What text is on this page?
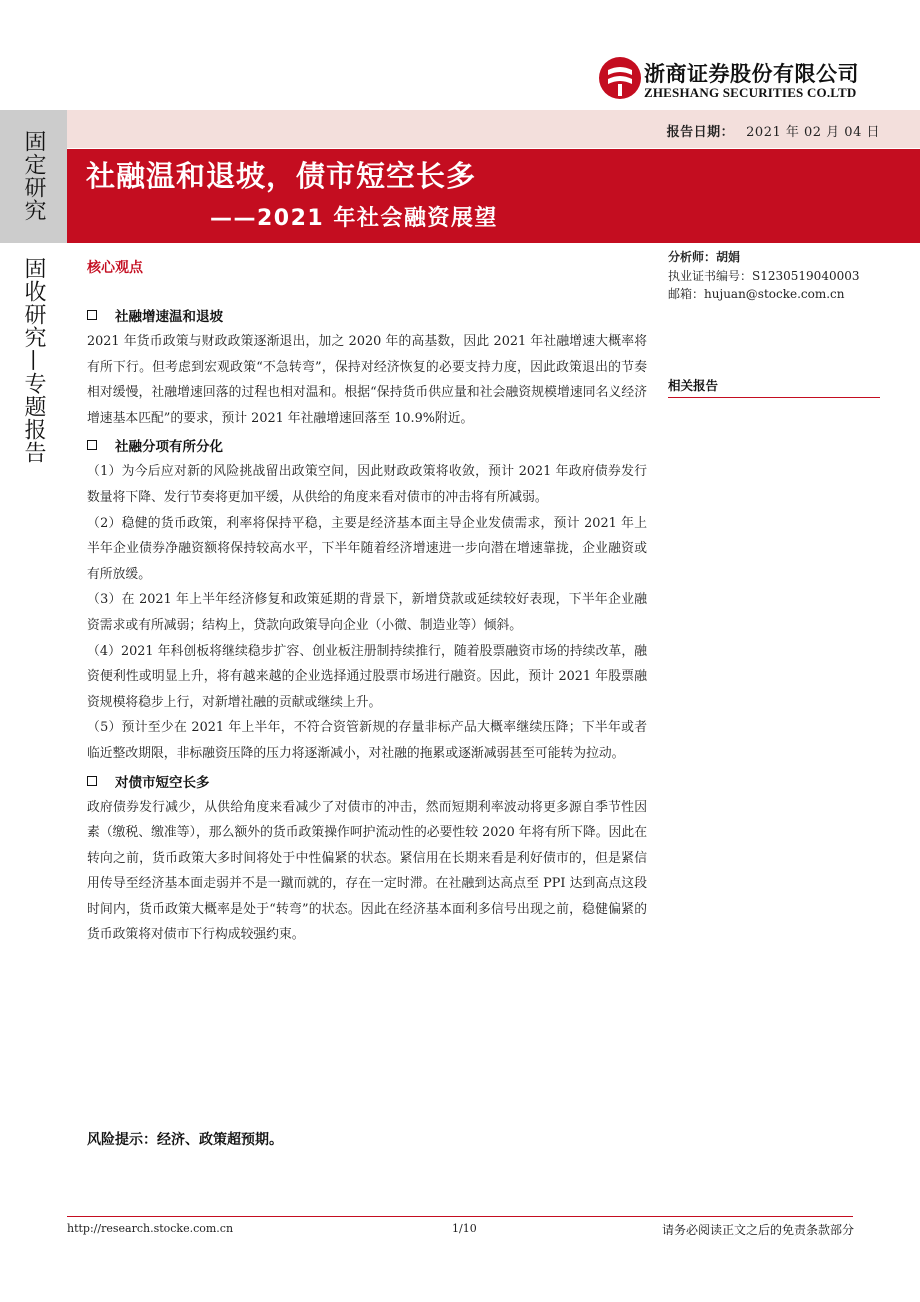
浙商证券股份有限公司
ZHESHANG SECURITIES CO.LTD
报告日期： 2021 年 02 月 04 日
社融温和退坡，债市短空长多
——2021 年社会融资展望
固定研究
固收研究—专题报告	核心观点
社融增速温和退坡

2021 年货币政策与财政政策逐渐退出，加之 2020 年的高基数，因此 2021 年社融增速大概率将有所下行。但考虑到宏观政策“不急转弯”，保持对经济恢复的必要支持力度，因此政策退出的节奏相对缓慢，社融增速回落的过程也相对温和。根据“保持货币供应量和社会融资规模增速同名义经济增速基本匹配”的要求，预计 2021 年社融增速回落至 10.9%附近。

社融分项有所分化

（1）为今后应对新的风险挑战留出政策空间，因此财政政策将收敛，预计 2021 年政府债券发行数量将下降、发行节奏将更加平缓，从供给的角度来看对债市的冲击将有所减弱。

（2）稳健的货币政策，利率将保持平稳，主要是经济基本面主导企业发债需求，预计 2021 年上半年企业债券净融资额将保持较高水平，下半年随着经济增速进一步向潜在增速靠拢，企业融资或有所放缓。

（3）在 2021 年上半年经济修复和政策延期的背景下，新增贷款或延续较好表现，下半年企业融资需求或有所减弱；结构上，贷款向政策导向企业（小微、制造业等）倾斜。

（4）2021 年科创板将继续稳步扩容、创业板注册制持续推行，随着股票融资市场的持续改革，融资便利性或明显上升，将有越来越的企业选择通过股票市场进行融资。因此，预计 2021 年股票融资规模将稳步上行，对新增社融的贡献或继续上升。

（5）预计至少在 2021 年上半年，不符合资管新规的存量非标产品大概率继续压降；下半年或者临近整改期限，非标融资压降的压力将逐渐减小，对社融的拖累或逐渐减弱甚至可能转为拉动。

对债市短空长多

政府债券发行减少，从供给角度来看减少了对债市的冲击，然而短期利率波动将更多源自季节性因素（缴税、缴准等），那么额外的货币政策操作呵护流动性的必要性较 2020 年将有所下降。因此在转向之前，货币政策大多时间将处于中性偏紧的状态。紧信用在长期来看是利好债市的，但是紧信用传导至经济基本面走弱并不是一蹴而就的，存在一定时滞。在社融到达高点至 PPI 达到高点这段时间内，货币政策大概率是处于“转弯”的状态。因此在经济基本面利多信号出现之前，稳健偏紧的货币政策将对债市下行构成较强约束。

风险提示：经济、政策超预期。
分析师：胡娟
执业证书编号：S1230519040003
邮箱：hujuan@stocke.com.cn
相关报告
http://research.stocke.com.cn	1/10	请务必阅读正文之后的免责条款部分
